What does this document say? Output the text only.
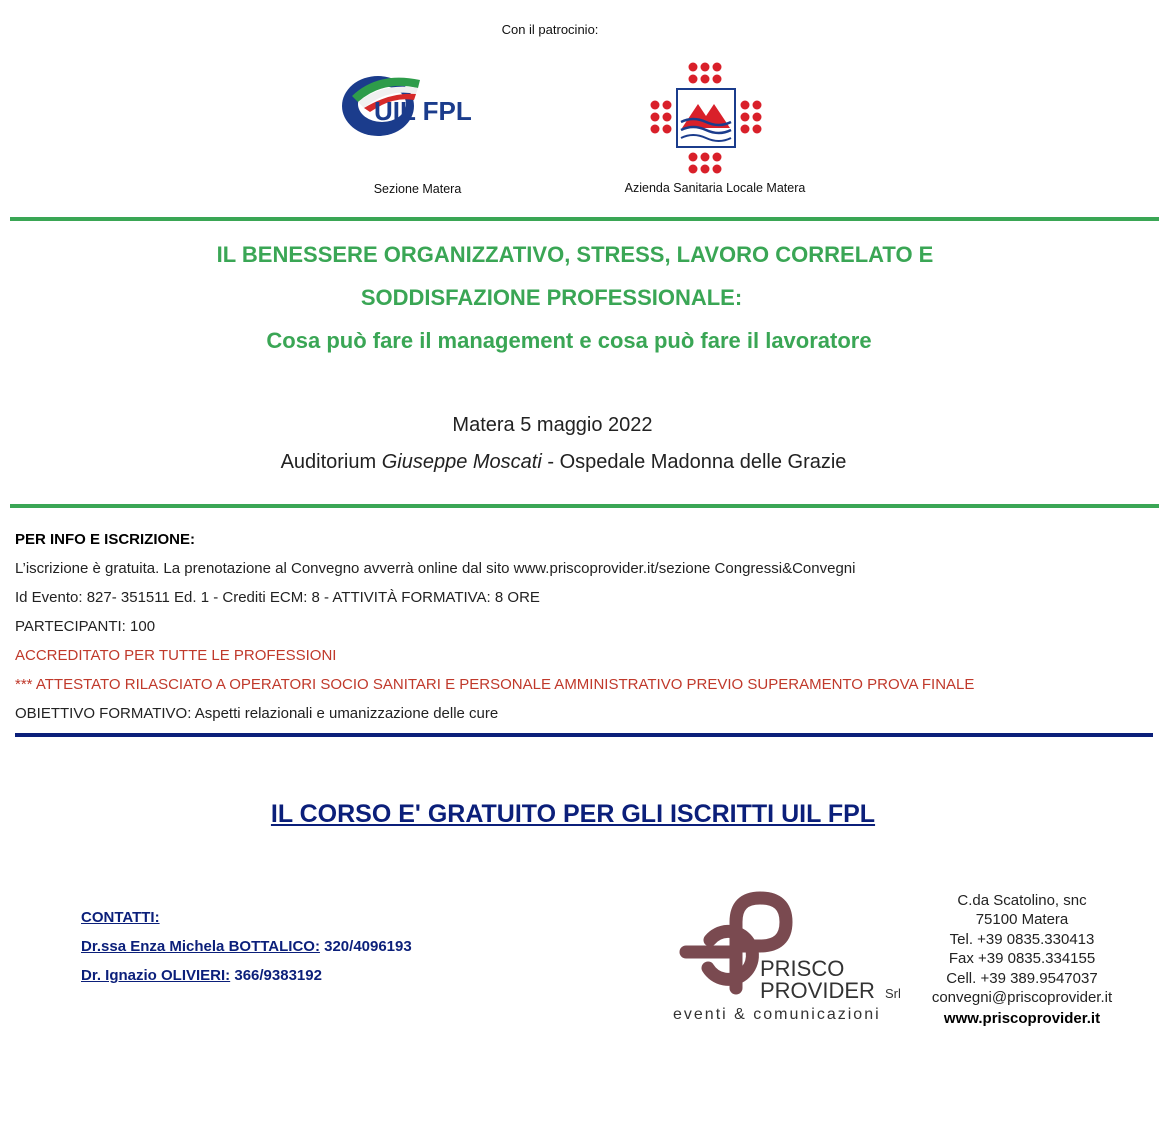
Con il patrocinio:
UIL FPL
Sezione Matera	Azienda Sanitaria Locale Matera
IL BENESSERE ORGANIZZATIVO, STRESS, LAVORO CORRELATO E
SODDISFAZIONE PROFESSIONALE:
Cosa può fare il management e cosa può fare il lavoratore
Matera 5 maggio 2022
Auditorium Giuseppe Moscati - Ospedale Madonna delle Grazie
PER INFO E ISCRIZIONE:
L’iscrizione è gratuita. La prenotazione al Convegno avverrà online dal sito www.priscoprovider.it/sezione Congressi&Convegni
Id Evento: 827- 351511 Ed. 1 - Crediti ECM: 8 - ATTIVITÀ FORMATIVA: 8 ORE
PARTECIPANTI: 100
ACCREDITATO PER TUTTE LE PROFESSIONI
*** ATTESTATO RILASCIATO A OPERATORI SOCIO SANITARI E PERSONALE AMMINISTRATIVO PREVIO SUPERAMENTO PROVA FINALE
OBIETTIVO FORMATIVO: Aspetti relazionali e umanizzazione delle cure
IL CORSO E' GRATUITO PER GLI ISCRITTI UIL FPL
CONTATTI:
Dr.ssa Enza Michela BOTTALICO: 320/4096193
Dr. Ignazio OLIVIERI: 366/9383192	PRISCO
PROVIDER Srl
eventi & comunicazioni
C.da Scatolino, snc
75100 Matera
Tel. +39 0835.330413
Fax +39 0835.334155
Cell. +39 389.9547037
convegni@priscoprovider.it
www.priscoprovider.it
